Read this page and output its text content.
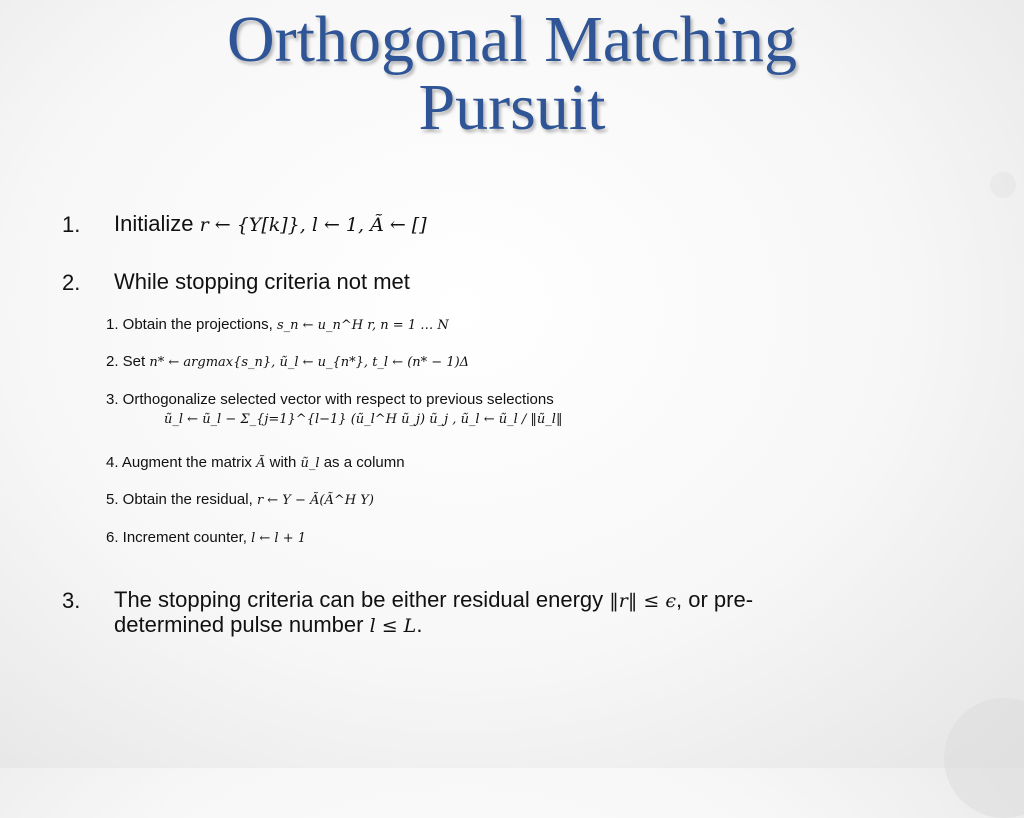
Orthogonal Matching
Pursuit
1. Initialize r ← {Y[k]}, l ← 1, Ã ← []
2. While stopping criteria not met
1. Obtain the projections, s_n ← u_n^H r, n = 1 … N
2. Set n* ← argmax{s_n}, ũ_l ← u_{n*}, t_l ← (n* − 1)Δ
3. Orthogonalize selected vector with respect to previous selections
ũ_l ← ũ_l − Σ_{j=1}^{l−1} (ũ_l^H ũ_j) ũ_j , ũ_l ← ũ_l / ‖ũ_l‖
4. Augment the matrix Ã with ũ_l as a column
5. Obtain the residual, r ← Y − Ã(Ã^H Y)
6. Increment counter, l ← l + 1
3. The stopping criteria can be either residual energy ‖r‖ ≤ ϵ, or pre-
determined pulse number l ≤ L.
